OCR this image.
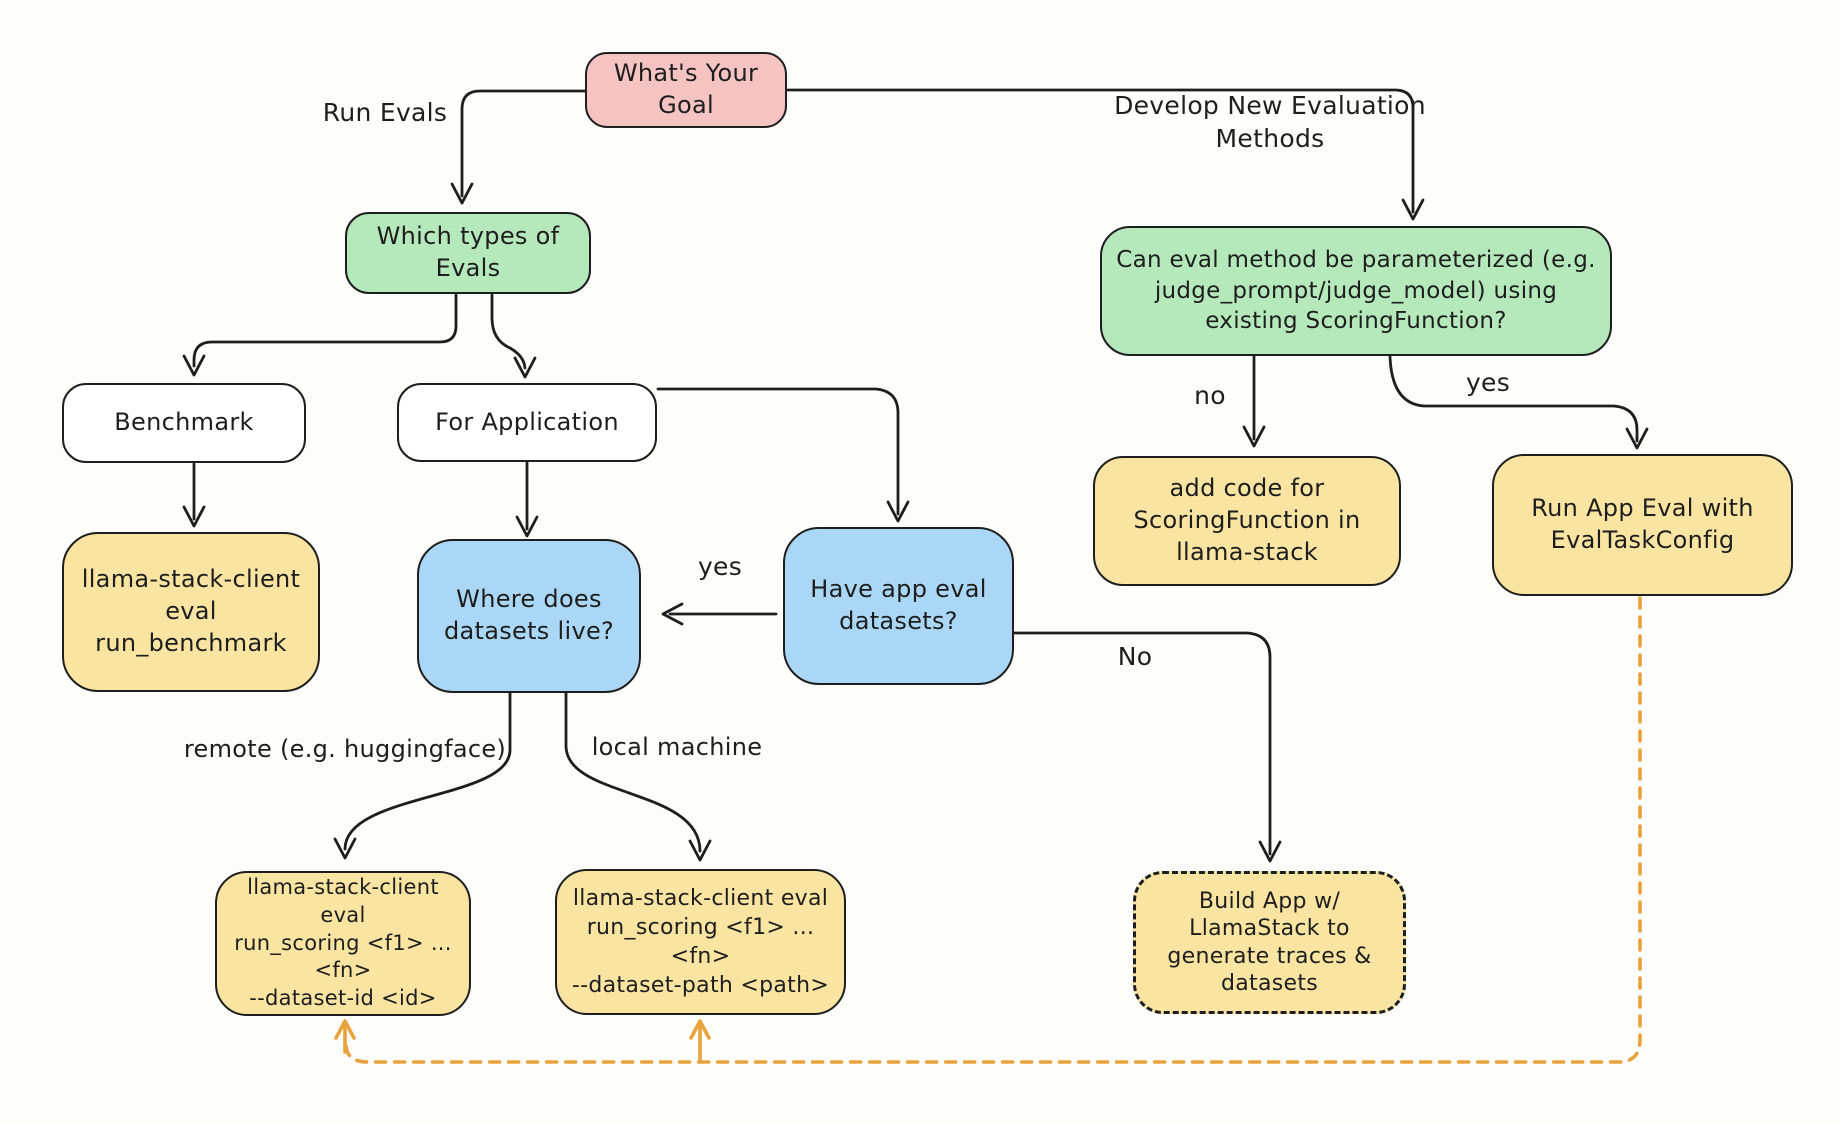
What's Your
Goal
Which types of
Evals	Can eval method be parameterized (e.g.
judge_prompt/judge_model) using
existing ScoringFunction?
Benchmark	For Application
llama-stack-client
eval run_benchmark
Where does
datasets live?
Have app eval
datasets?
add code for
ScoringFunction in
llama-stack
Run App Eval with
EvalTaskConfig
llama-stack-client eval
run_scoring <f1> ... <fn>
--dataset-id <id>
llama-stack-client eval
run_scoring <f1> ... <fn>
--dataset-path <path>
Build App w/
LlamaStack to
generate traces &
datasets
Run Evals	Develop New Evaluation
Methods
yes
No
no	yes
remote (e.g. huggingface)	local machine
